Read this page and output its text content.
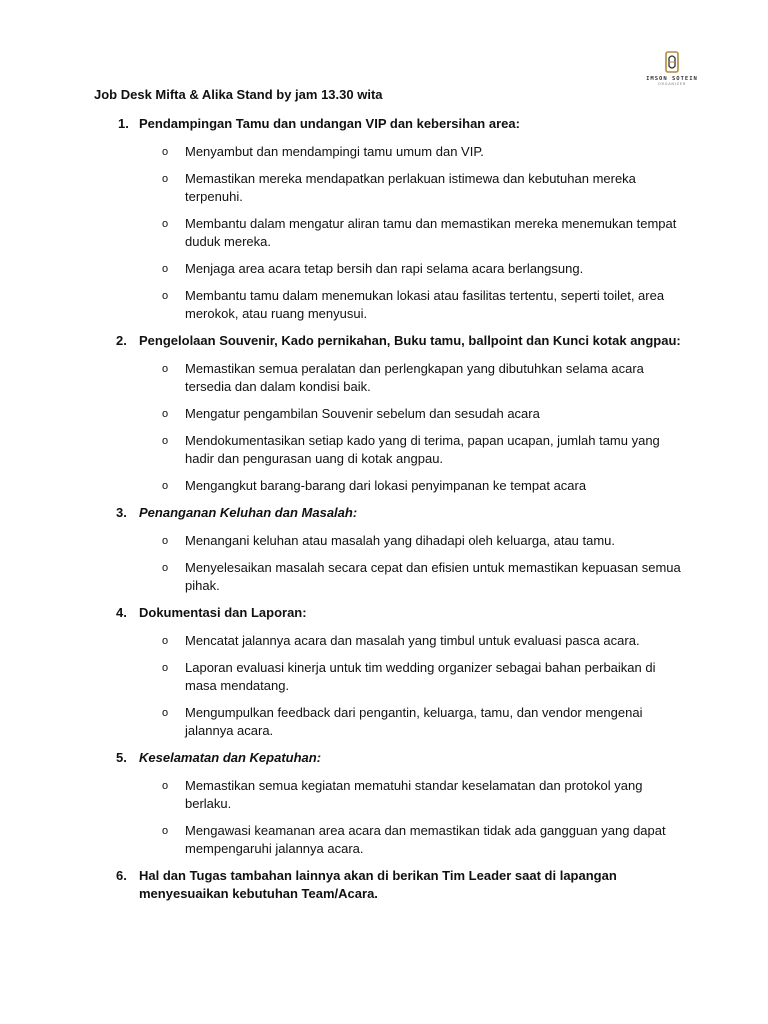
IMSON SOTEIN
ORGANIZER
Job Desk Mifta & Alika Stand by jam 13.30 wita
1. Pendampingan Tamu dan undangan VIP dan kebersihan area:
o Menyambut dan mendampingi tamu umum dan VIP.
o Memastikan mereka mendapatkan perlakuan istimewa dan kebutuhan mereka terpenuhi.
o Membantu dalam mengatur aliran tamu dan memastikan mereka menemukan tempat duduk mereka.
o Menjaga area acara tetap bersih dan rapi selama acara berlangsung.
o Membantu tamu dalam menemukan lokasi atau fasilitas tertentu, seperti toilet, area merokok, atau ruang menyusui.
2. Pengelolaan Souvenir, Kado pernikahan, Buku tamu, ballpoint dan Kunci kotak angpau:
o Memastikan semua peralatan dan perlengkapan yang dibutuhkan selama acara tersedia dan dalam kondisi baik.
o Mengatur pengambilan Souvenir sebelum dan sesudah acara
o Mendokumentasikan setiap kado yang di terima, papan ucapan, jumlah tamu yang hadir dan pengurasan uang di kotak angpau.
o Mengangkut barang-barang dari lokasi penyimpanan ke tempat acara
3. Penanganan Keluhan dan Masalah:
o Menangani keluhan atau masalah yang dihadapi oleh keluarga, atau tamu.
o Menyelesaikan masalah secara cepat dan efisien untuk memastikan kepuasan semua pihak.
4. Dokumentasi dan Laporan:
o Mencatat jalannya acara dan masalah yang timbul untuk evaluasi pasca acara.
o Laporan evaluasi kinerja untuk tim wedding organizer sebagai bahan perbaikan di masa mendatang.
o Mengumpulkan feedback dari pengantin, keluarga, tamu, dan vendor mengenai jalannya acara.
5. Keselamatan dan Kepatuhan:
o Memastikan semua kegiatan mematuhi standar keselamatan dan protokol yang berlaku.
o Mengawasi keamanan area acara dan memastikan tidak ada gangguan yang dapat mempengaruhi jalannya acara.
6. Hal dan Tugas tambahan lainnya akan di berikan Tim Leader saat di lapangan menyesuaikan kebutuhan Team/Acara.
